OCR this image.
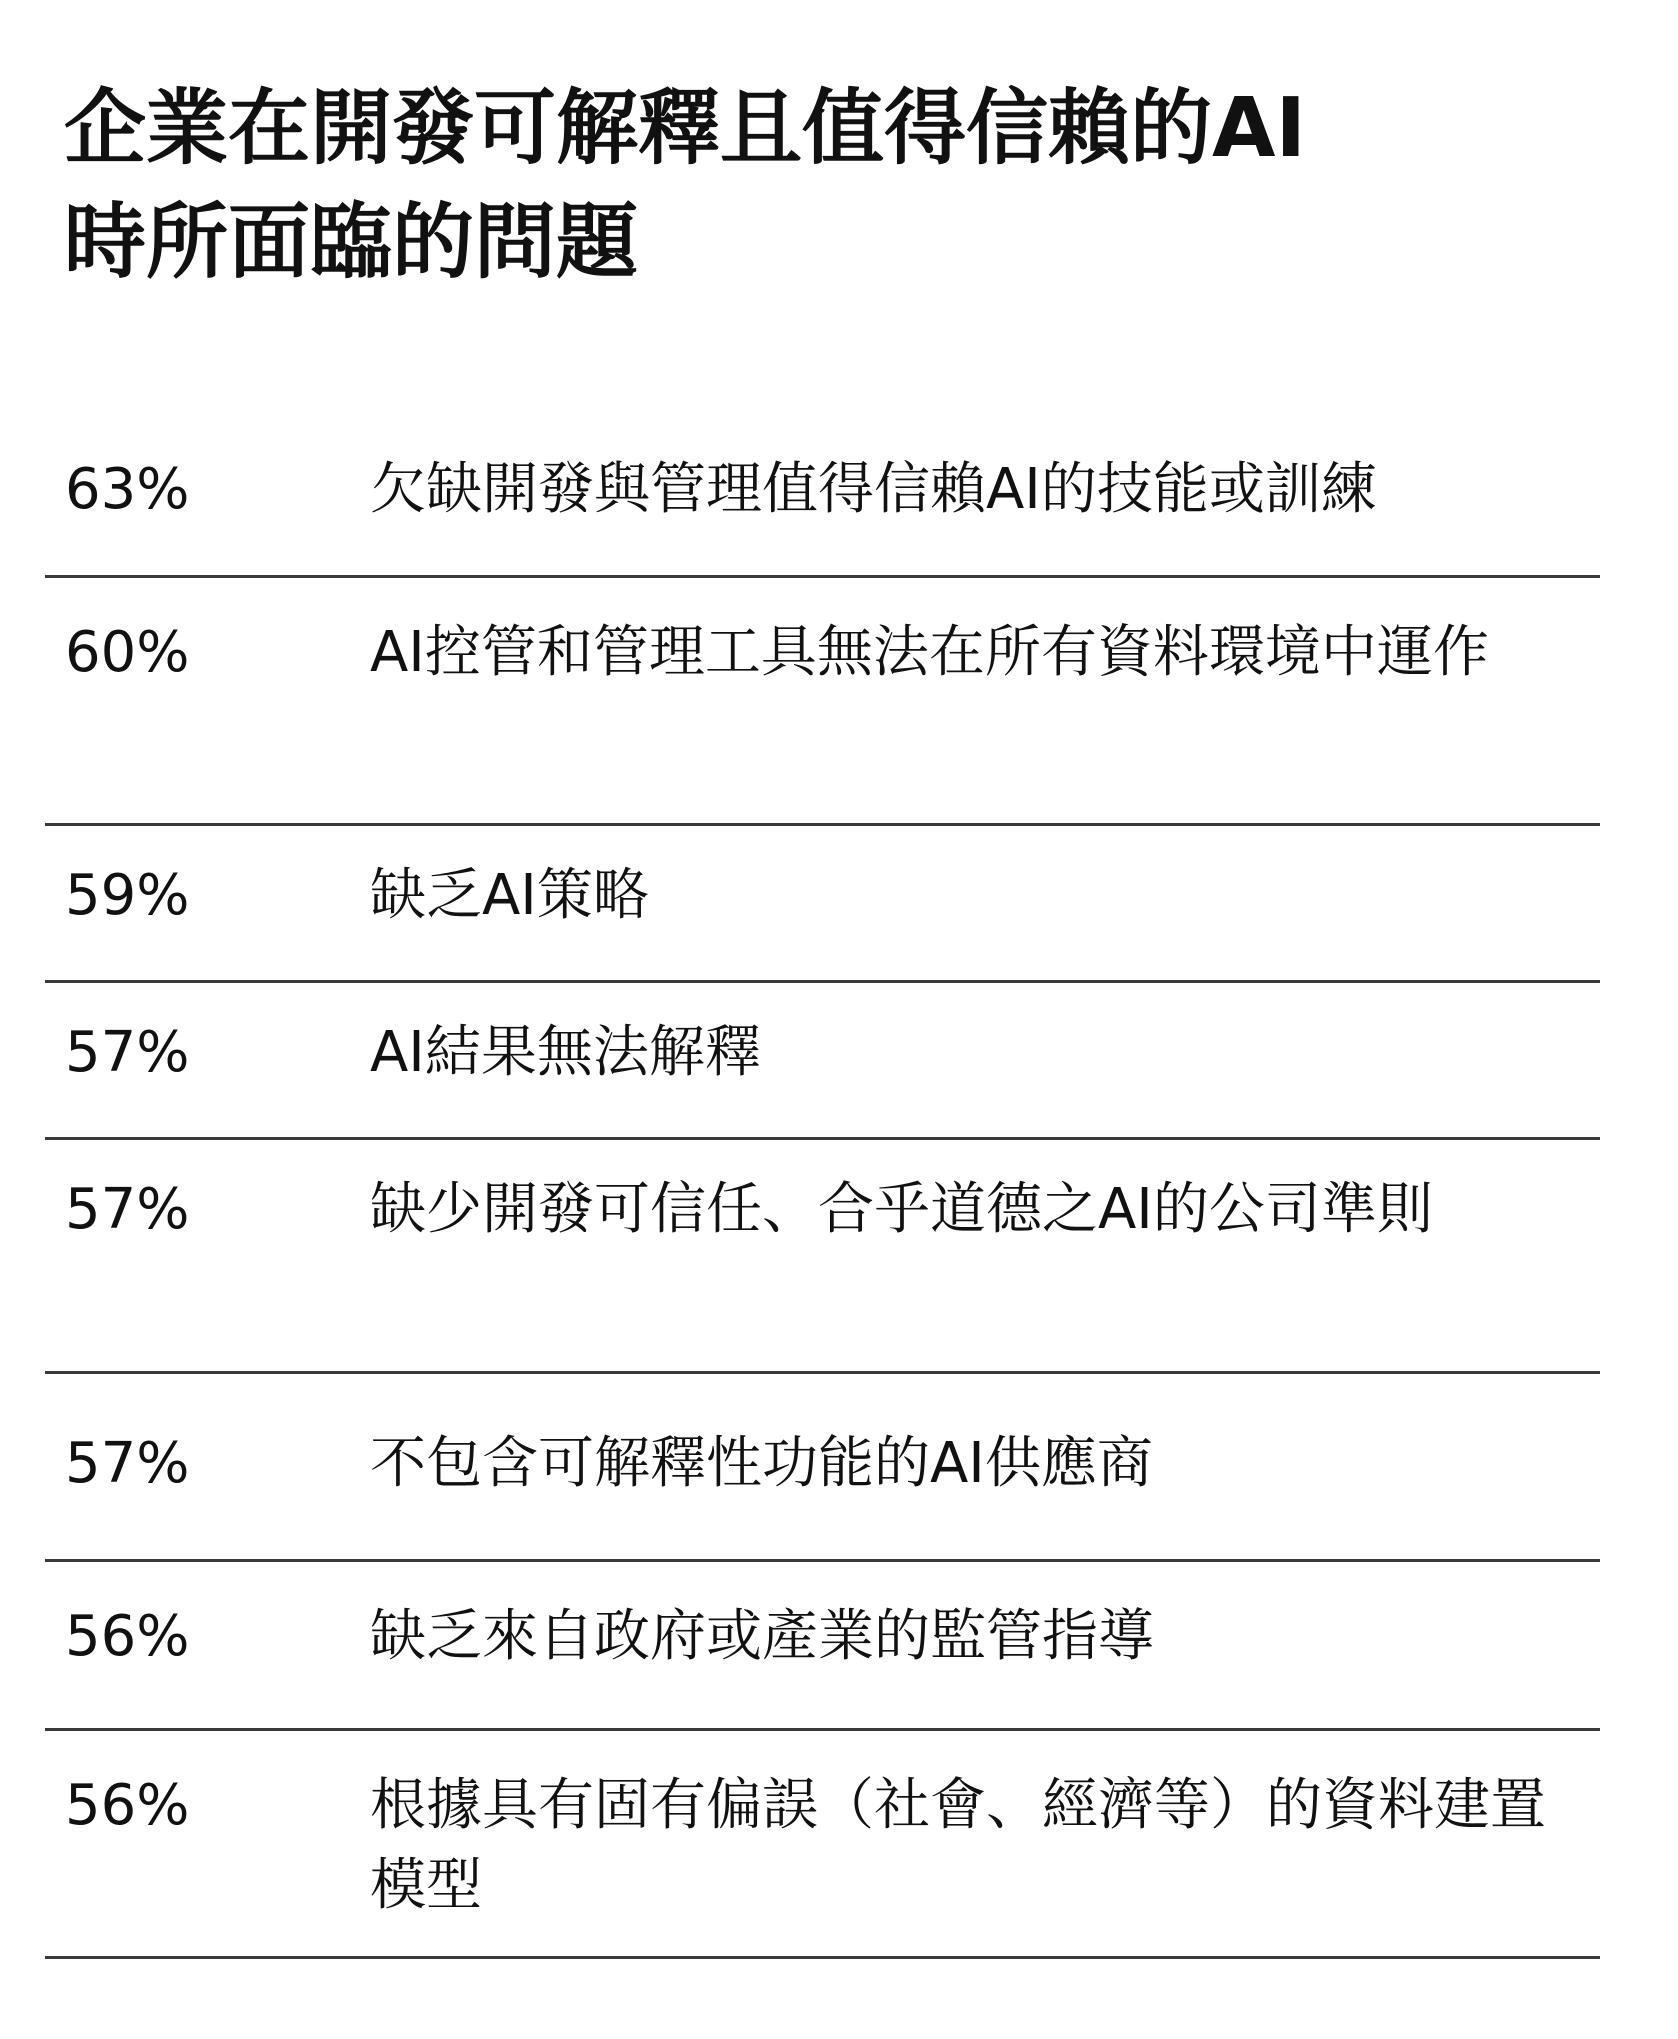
企業在開發可解釋且值得信賴的AI
時所面臨的問題
63%	欠缺開發與管理值得信賴AI的技能或訓練
60%	AI控管和管理工具無法在所有資料環境中運作
59%	缺乏AI策略
57%	AI結果無法解釋
57%	缺少開發可信任、合乎道德之AI的公司準則
57%	不包含可解釋性功能的AI供應商
56%	缺乏來自政府或產業的監管指導
56%	根據具有固有偏誤（社會、經濟等）的資料建置模型
